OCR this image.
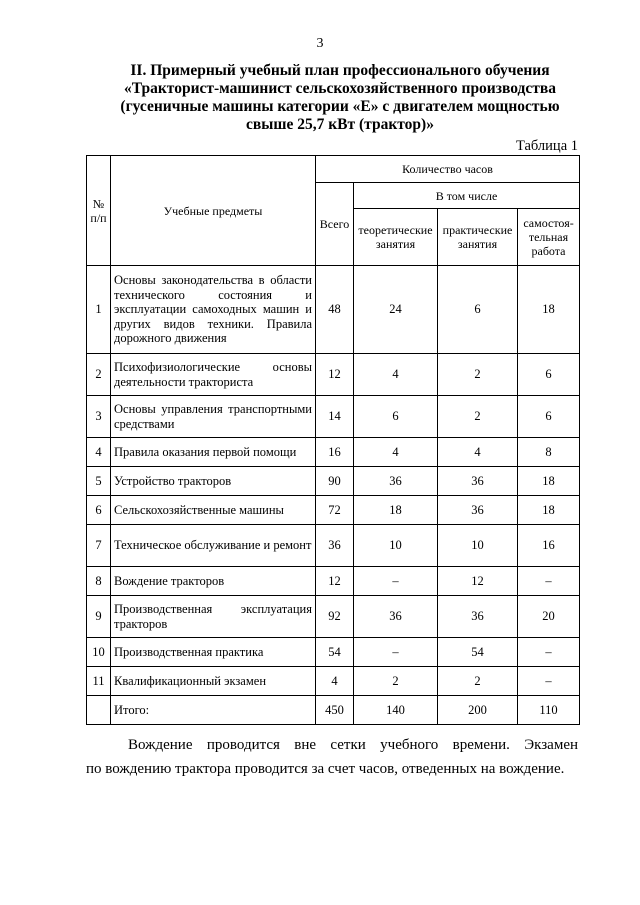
3
II. Примерный учебный план профессионального обучения
«Тракторист-машинист сельскохозяйственного производства
(гусеничные машины категории «Е» с двигателем мощностью
свыше 25,7 кВт (трактор)»
Таблица 1
№ п/п	Учебные предметы	Количество часов			
		Всего	В том числе		
			теоретические занятия	практические занятия	самостоя-тельная работа
1	Основы законодательства в области технического состояния и эксплуатации самоходных машин и других видов техники. Правила дорожного движения	48	24	6	18
2	Психофизиологические основы деятельности тракториста	12	4	2	6
3	Основы управления транспортными средствами	14	6	2	6
4	Правила оказания первой помощи	16	4	4	8
5	Устройство тракторов	90	36	36	18
6	Сельскохозяйственные машины	72	18	36	18
7	Техническое обслуживание и ремонт	36	10	10	16
8	Вождение тракторов	12	–	12	–
9	Производственная эксплуатация тракторов	92	36	36	20
10	Производственная практика	54	–	54	–
11	Квалификационный экзамен	4	2	2	–
	Итого:	450	140	200	110
Вождение проводится вне сетки учебного времени. Экзамен
по вождению трактора проводится за счет часов, отведенных на вождение.
